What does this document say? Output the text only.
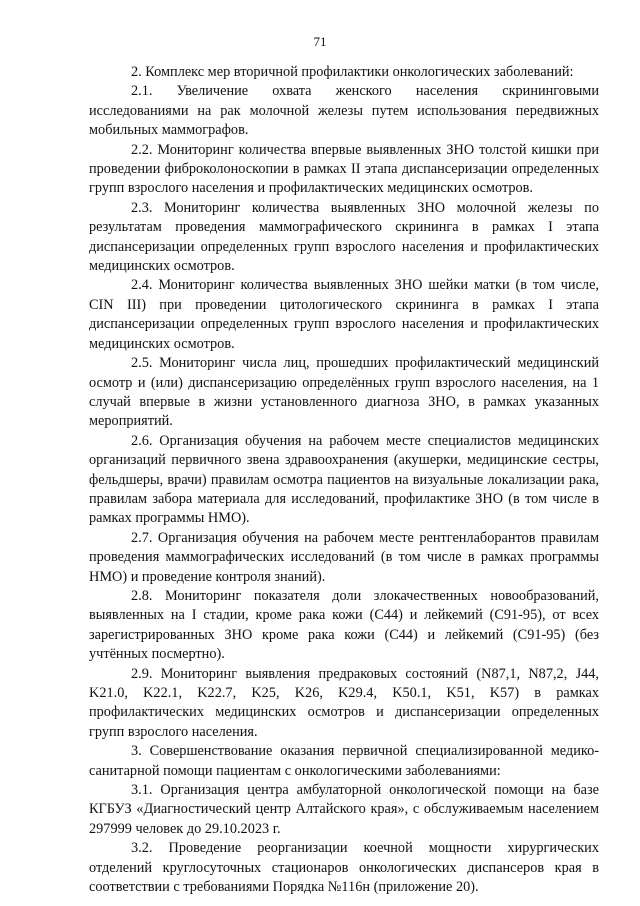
71

2. Комплекс мер вторичной профилактики онкологических заболеваний:

2.1. Увеличение охвата женского населения скрининговыми исследованиями на рак молочной железы путем использования передвижных мобильных маммографов.

2.2. Мониторинг количества впервые выявленных ЗНО толстой кишки при проведении фиброколоноскопии в рамках II этапа диспансеризации определенных групп взрослого населения и профилактических медицинских осмотров.

2.3. Мониторинг количества выявленных ЗНО молочной железы по результатам проведения маммографического скрининга в рамках I этапа диспансеризации определенных групп взрослого населения и профилактических медицинских осмотров.

2.4. Мониторинг количества выявленных ЗНО шейки матки (в том числе, CIN III) при проведении цитологического скрининга в рамках I этапа диспансеризации определенных групп взрослого населения и профилактических медицинских осмотров.

2.5. Мониторинг числа лиц, прошедших профилактический медицинский осмотр и (или) диспансеризацию определённых групп взрослого населения, на 1 случай впервые в жизни установленного диагноза ЗНО, в рамках указанных мероприятий.

2.6. Организация обучения на рабочем месте специалистов медицинских организаций первичного звена здравоохранения (акушерки, медицинские сестры, фельдшеры, врачи) правилам осмотра пациентов на визуальные локализации рака, правилам забора материала для исследований, профилактике ЗНО (в том числе в рамках программы НМО).

2.7. Организация обучения на рабочем месте рентгенлаборантов правилам проведения маммографических исследований (в том числе в рамках программы НМО) и проведение контроля знаний).

2.8. Мониторинг показателя доли злокачественных новообразований, выявленных на I стадии, кроме рака кожи (С44) и лейкемий (С91-95), от всех зарегистрированных ЗНО кроме рака кожи (С44) и лейкемий (С91-95) (без учтённых посмертно).

2.9. Мониторинг выявления предраковых состояний (N87,1, N87,2, J44, K21.0, K22.1, K22.7, K25, K26, K29.4, K50.1, K51, K57) в рамках профилактических медицинских осмотров и диспансеризации определенных групп взрослого населения.

3. Совершенствование оказания первичной специализированной медико-санитарной помощи пациентам с онкологическими заболеваниями:

3.1. Организация центра амбулаторной онкологической помощи на базе КГБУЗ «Диагностический центр Алтайского края», с обслуживаемым населением 297999 человек до 29.10.2023 г.

3.2. Проведение реорганизации коечной мощности хирургических отделений круглосуточных стационаров онкологических диспансеров края в соответствии с требованиями Порядка №116н (приложение 20).
